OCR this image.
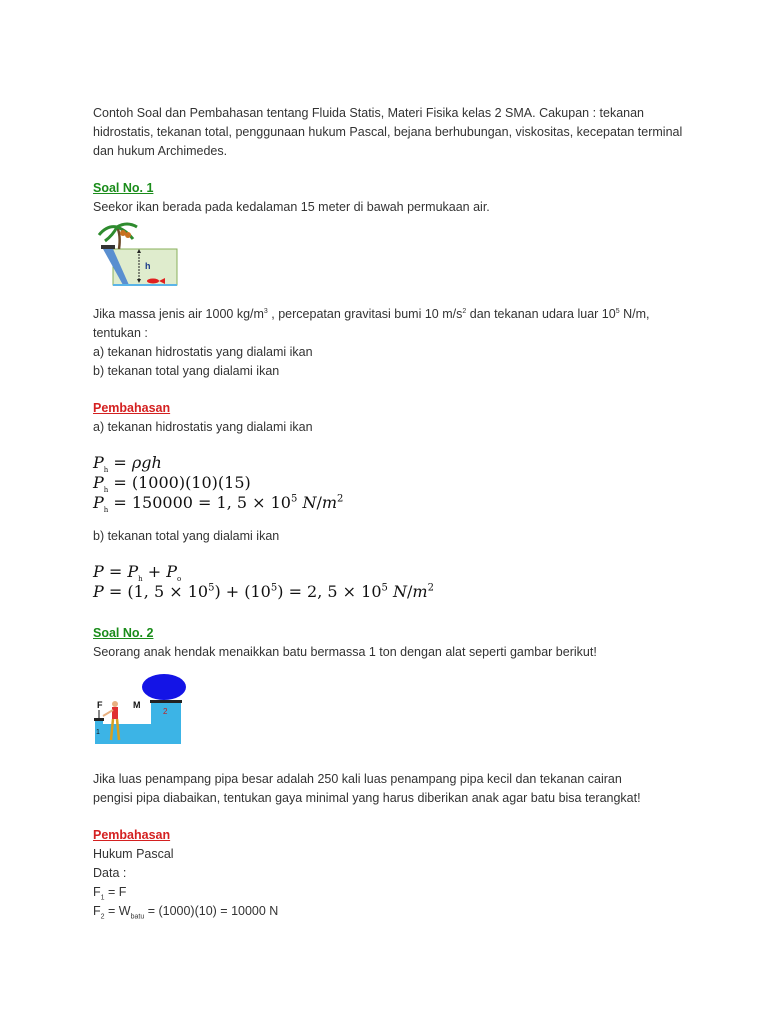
Contoh Soal dan Pembahasan tentang Fluida Statis, Materi Fisika kelas 2 SMA. Cakupan : tekanan hidrostatis, tekanan total, penggunaan hukum Pascal, bejana berhubungan, viskositas, kecepatan terminal dan hukum Archimedes.

Soal No. 1

Seekor ikan berada pada kedalaman 15 meter di bawah permukaan air.

h

Jika massa jenis air 1000 $kg/m^3$ , percepatan gravitasi bumi 10 $m/s^2$ dan tekanan udara luar $10^5$ N/m,

tentukan :

a) tekanan hidrostatis yang dialami ikan

b) tekanan total yang dialami ikan

Pembahasan

a) tekanan hidrostatis yang dialami ikan

$P_h = \rho gh$

$P_h = (1000)(10)(15)$

$P_h = 150000 = 1$, $5 \times 10^5$ $N/m^2$

b) tekanan total yang dialami ikan

$P = P_h + P_o$

P = (1, $5 \times 10^5) + (10^5) = 2$, $5 \times 10^5$ $N/m^2$

Soal No. 2

Seorang anak hendak menaikkan batu bermassa 1 ton dengan alat seperti gambar berikut!

F	M
1
2

Jika luas penampang pipa besar adalah 250 kali luas penampang pipa kecil dan tekanan cairan

pengisi pipa diabaikan, tentukan gaya minimal yang harus diberikan anak agar batu bisa terangkat!

Pembahasan

Hukum Pascal

Data :

$F_1 = F$

$F_2 = W_{batu} = (1000)(10) = 10000$ N
